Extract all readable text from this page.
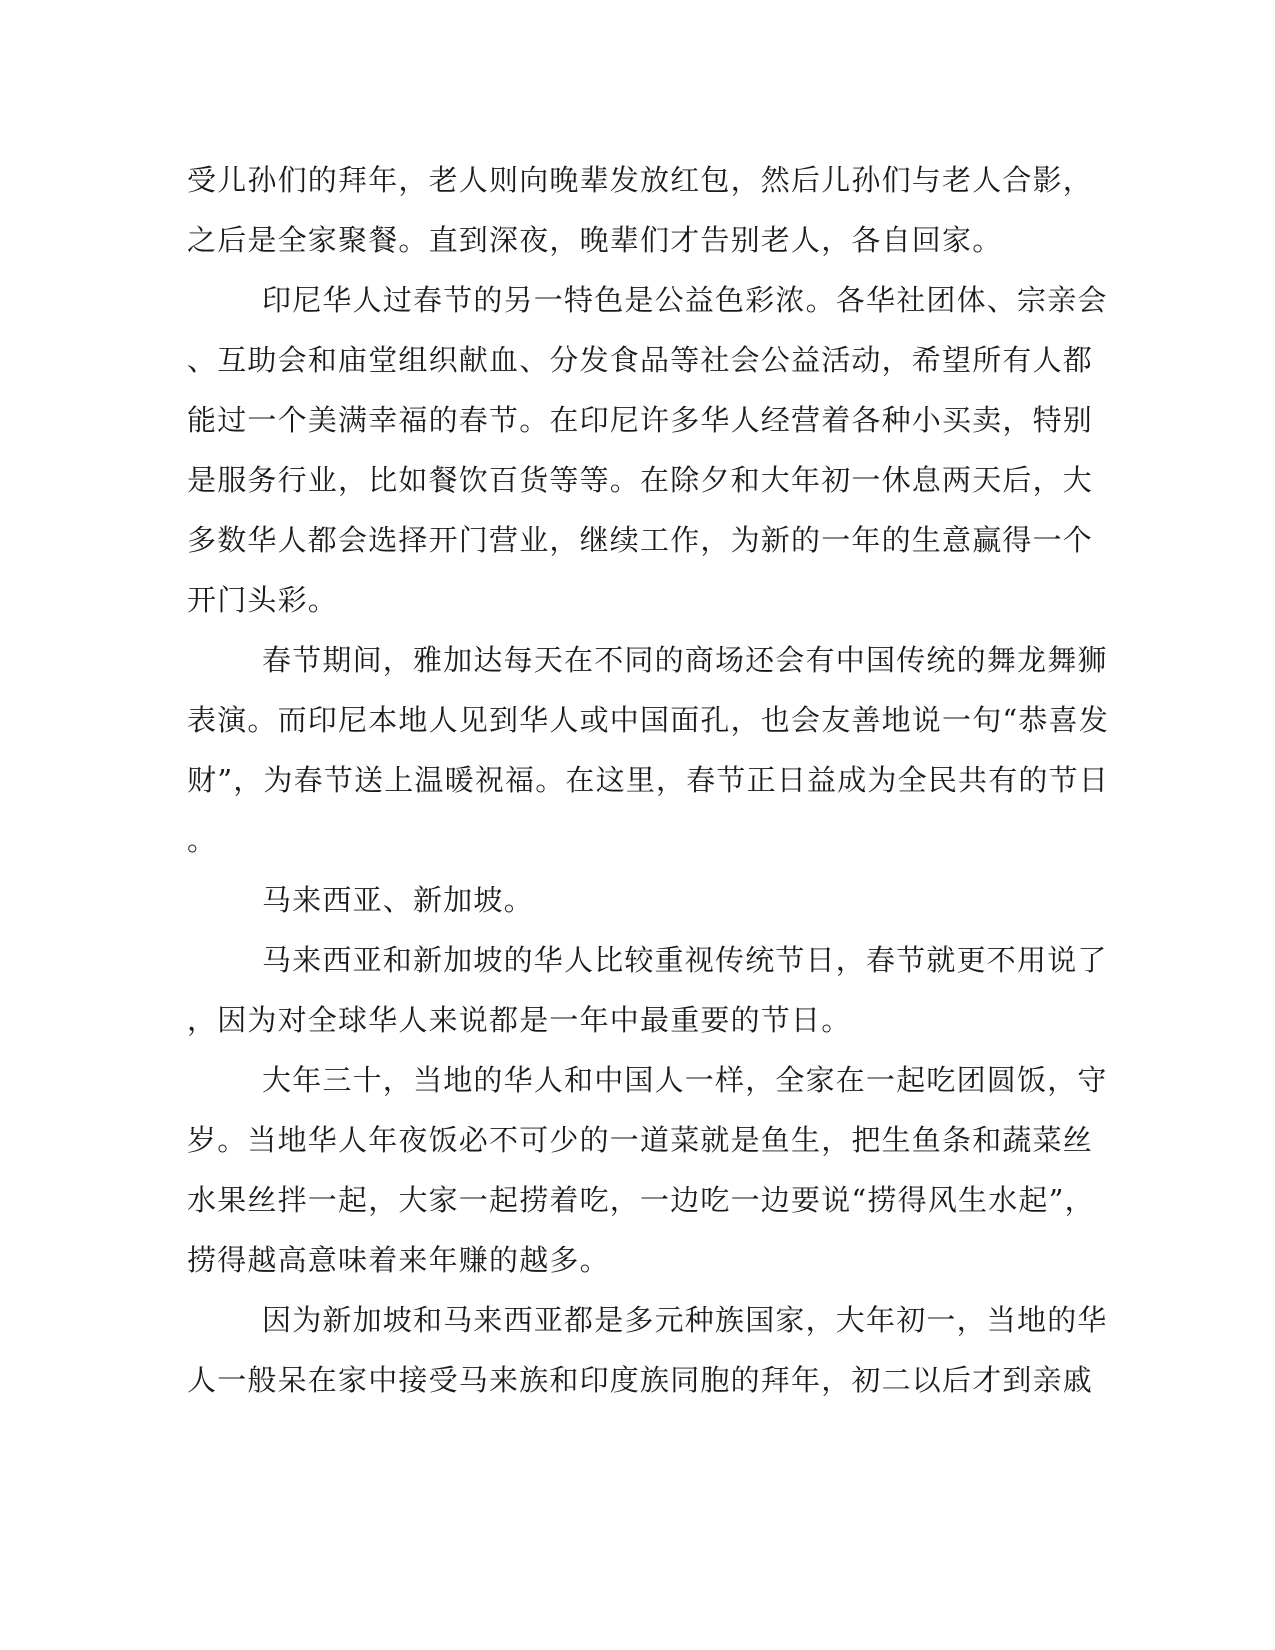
受儿孙们的拜年，老人则向晚辈发放红包，然后儿孙们与老人合影，
之后是全家聚餐。直到深夜，晚辈们才告别老人，各自回家。
印尼华人过春节的另一特色是公益色彩浓。各华社团体、宗亲会
、互助会和庙堂组织献血、分发食品等社会公益活动，希望所有人都
能过一个美满幸福的春节。在印尼许多华人经营着各种小买卖，特别
是服务行业，比如餐饮百货等等。在除夕和大年初一休息两天后，大
多数华人都会选择开门营业，继续工作，为新的一年的生意赢得一个
开门头彩。
春节期间，雅加达每天在不同的商场还会有中国传统的舞龙舞狮
表演。而印尼本地人见到华人或中国面孔，也会友善地说一句“恭喜发
财”，为春节送上温暖祝福。在这里，春节正日益成为全民共有的节日
。
马来西亚、新加坡。
马来西亚和新加坡的华人比较重视传统节日，春节就更不用说了
，因为对全球华人来说都是一年中最重要的节日。
大年三十，当地的华人和中国人一样，全家在一起吃团圆饭，守
岁。当地华人年夜饭必不可少的一道菜就是鱼生，把生鱼条和蔬菜丝
水果丝拌一起，大家一起捞着吃，一边吃一边要说“捞得风生水起”，
捞得越高意味着来年赚的越多。
因为新加坡和马来西亚都是多元种族国家，大年初一，当地的华
人一般呆在家中接受马来族和印度族同胞的拜年，初二以后才到亲戚
